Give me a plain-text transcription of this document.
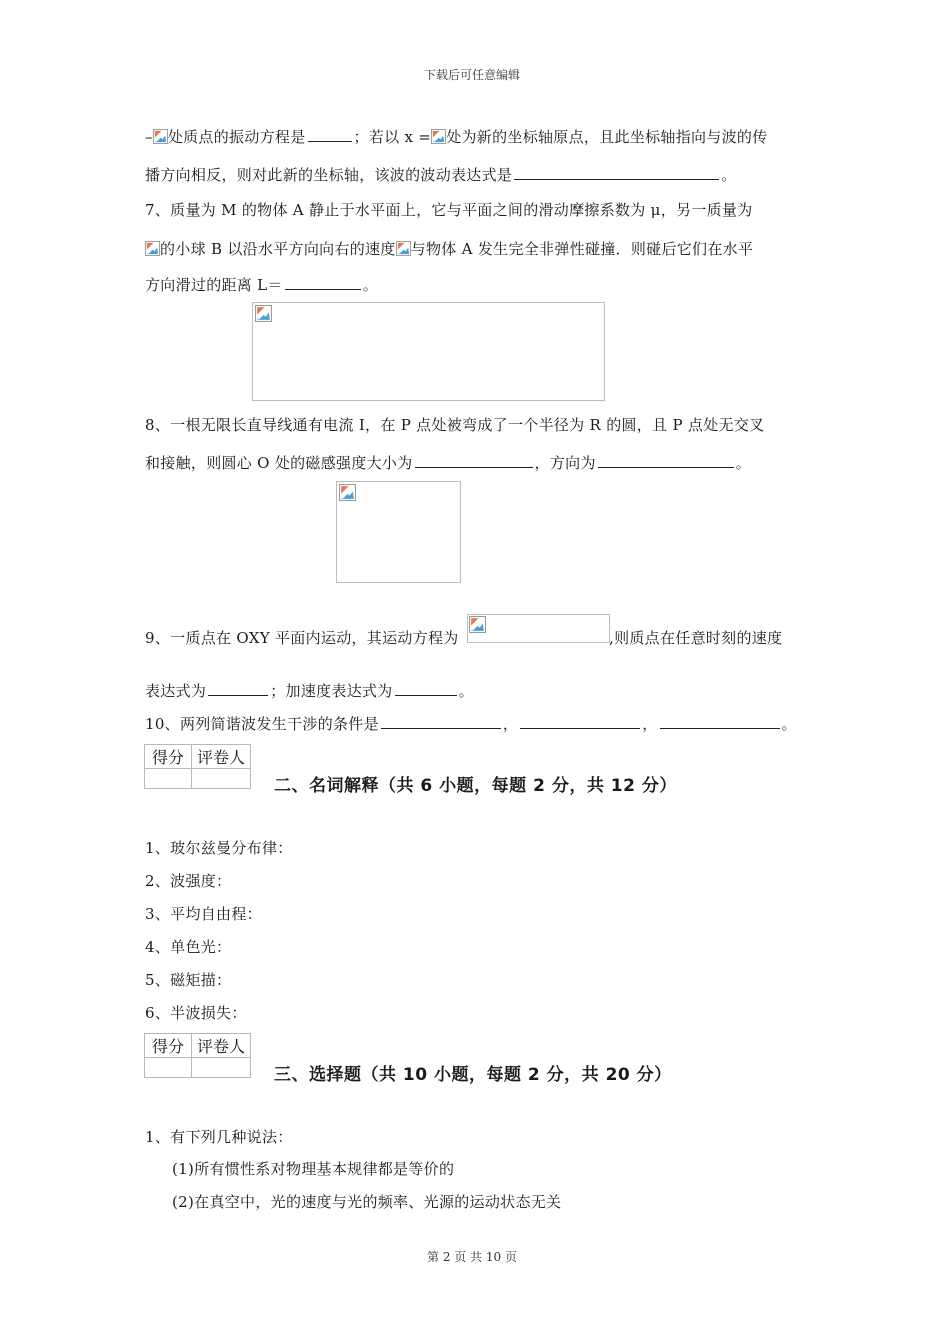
下载后可任意编辑
– 处质点的振动方程是	；若以 x = 处为新的坐标轴原点，且此坐标轴指向与波的传
播方向相反，则对此新的坐标轴，该波的波动表达式是	。
7、质量为 M 的物体 A 静止于水平面上，它与平面之间的滑动摩擦系数为 μ，另一质量为
的小球 B 以沿水平方向向右的速度 与物体 A 发生完全非弹性碰撞．则碰后它们在水平
方向滑过的距离 L＝	。
8、一根无限长直导线通有电流 I，在 P 点处被弯成了一个半径为 R 的圆，且 P 点处无交叉
和接触，则圆心 O 处的磁感强度大小为	，方向为	。
9、一质点在 OXY 平面内运动，其运动方程为	,则质点在任意时刻的速度
表达式为	；加速度表达式为	。
10、两列简谐波发生干涉的条件是	，	，	。
得分	评卷人

二、名词解释（共 6 小题，每题 2 分，共 12 分）
1、玻尔兹曼分布律：
2、波强度：
3、平均自由程：
4、单色光：
5、磁矩描：
6、半波损失：
得分	评卷人

三、选择题（共 10 小题，每题 2 分，共 20 分）
1、有下列几种说法：
(1)所有惯性系对物理基本规律都是等价的
(2)在真空中，光的速度与光的频率、光源的运动状态无关
第 2 页 共 10 页
